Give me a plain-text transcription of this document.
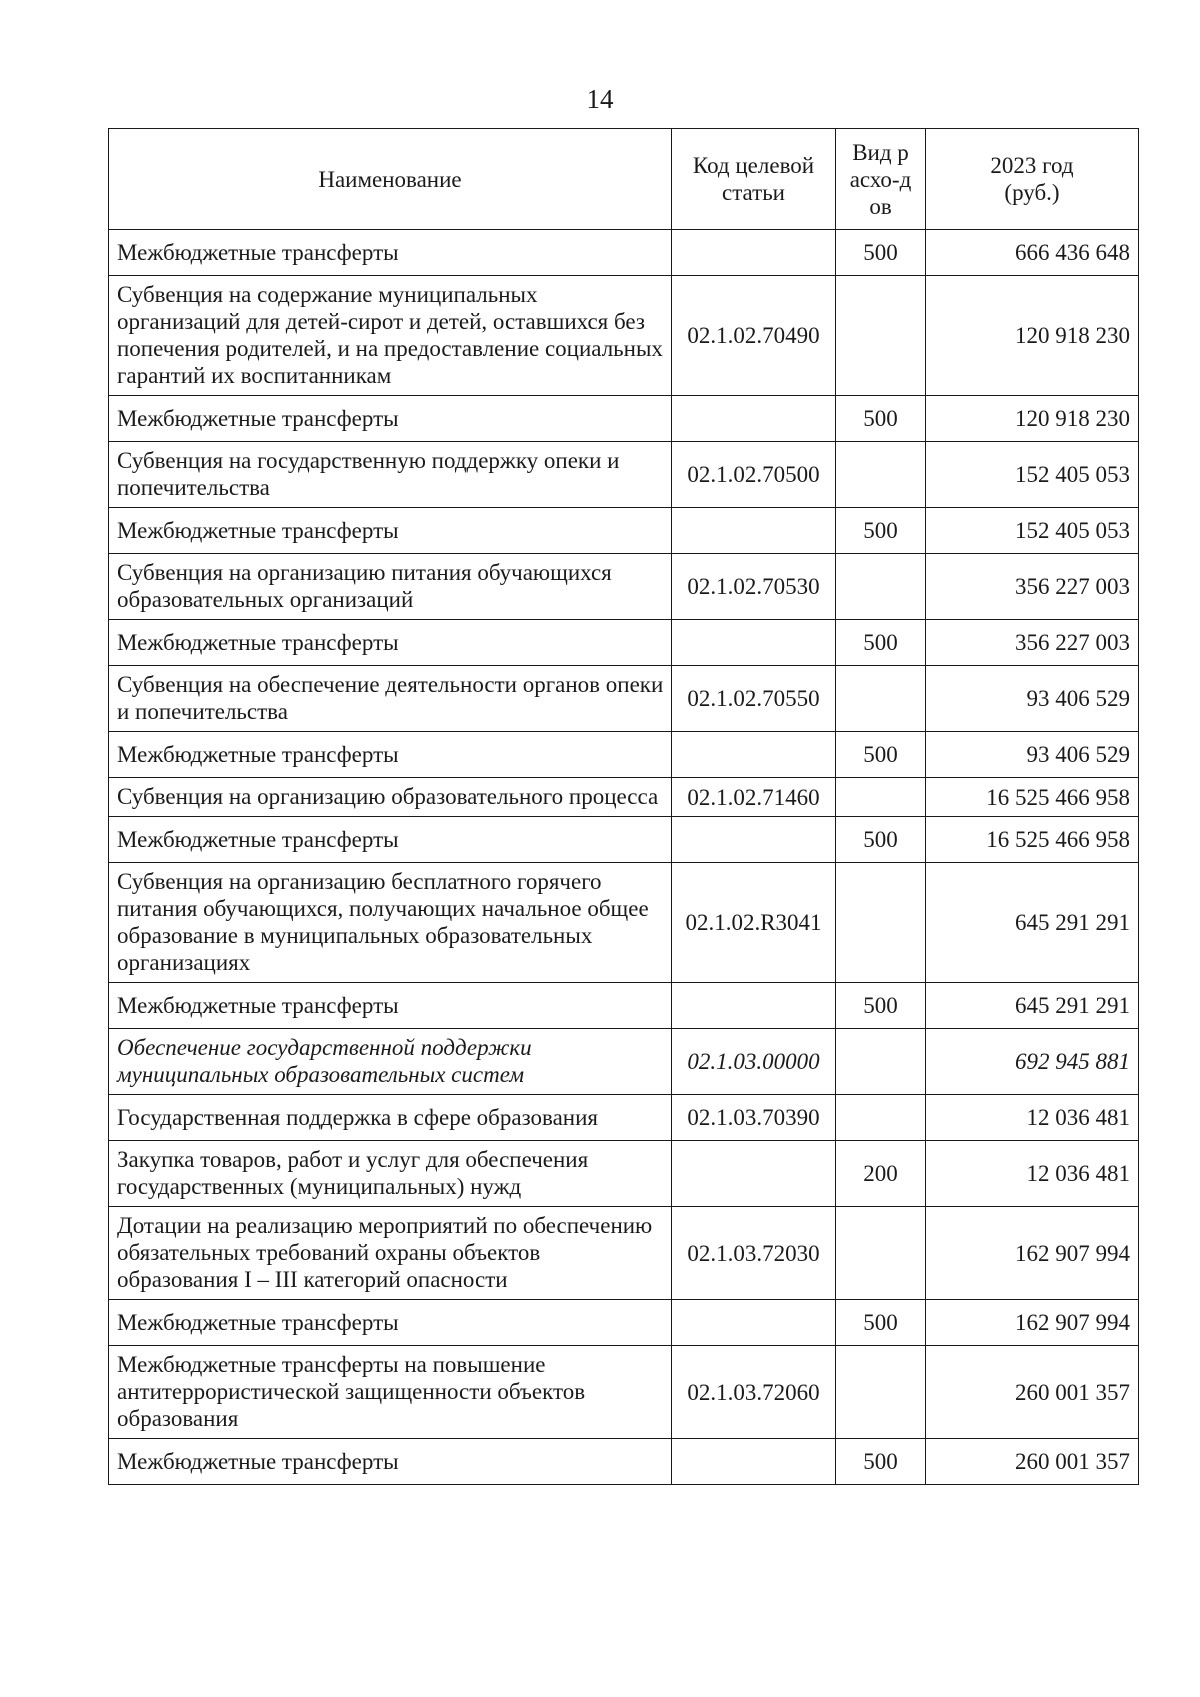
14
Наименование	Код целевой статьи	Вид расхо-дов	2023 год (руб.)
Межбюджетные трансферты		500	666 436 648
Субвенция на содержание муниципальных организаций для детей-сирот и детей, оставшихся без попечения родителей, и на предоставление социальных гарантий их воспитанникам	02.1.02.70490		120 918 230
Межбюджетные трансферты		500	120 918 230
Субвенция на государственную поддержку опеки и попечительства	02.1.02.70500		152 405 053
Межбюджетные трансферты		500	152 405 053
Субвенция на организацию питания обучающихся образовательных организаций	02.1.02.70530		356 227 003
Межбюджетные трансферты		500	356 227 003
Субвенция на обеспечение деятельности органов опеки и попечительства	02.1.02.70550		93 406 529
Межбюджетные трансферты		500	93 406 529
Субвенция на организацию образовательного процесса	02.1.02.71460		16 525 466 958
Межбюджетные трансферты		500	16 525 466 958
Субвенция на организацию бесплатного горячего питания обучающихся, получающих начальное общее образование в муниципальных образовательных организациях	02.1.02.R3041		645 291 291
Межбюджетные трансферты		500	645 291 291
Обеспечение государственной поддержки муниципальных образовательных систем	02.1.03.00000		692 945 881
Государственная поддержка в сфере образования	02.1.03.70390		12 036 481
Закупка товаров, работ и услуг для обеспечения государственных (муниципальных) нужд		200	12 036 481
Дотации на реализацию мероприятий по обеспечению обязательных требований охраны объектов образования I – III категорий опасности	02.1.03.72030		162 907 994
Межбюджетные трансферты		500	162 907 994
Межбюджетные трансферты на повышение антитеррористической защищенности объектов образования	02.1.03.72060		260 001 357
Межбюджетные трансферты		500	260 001 357
